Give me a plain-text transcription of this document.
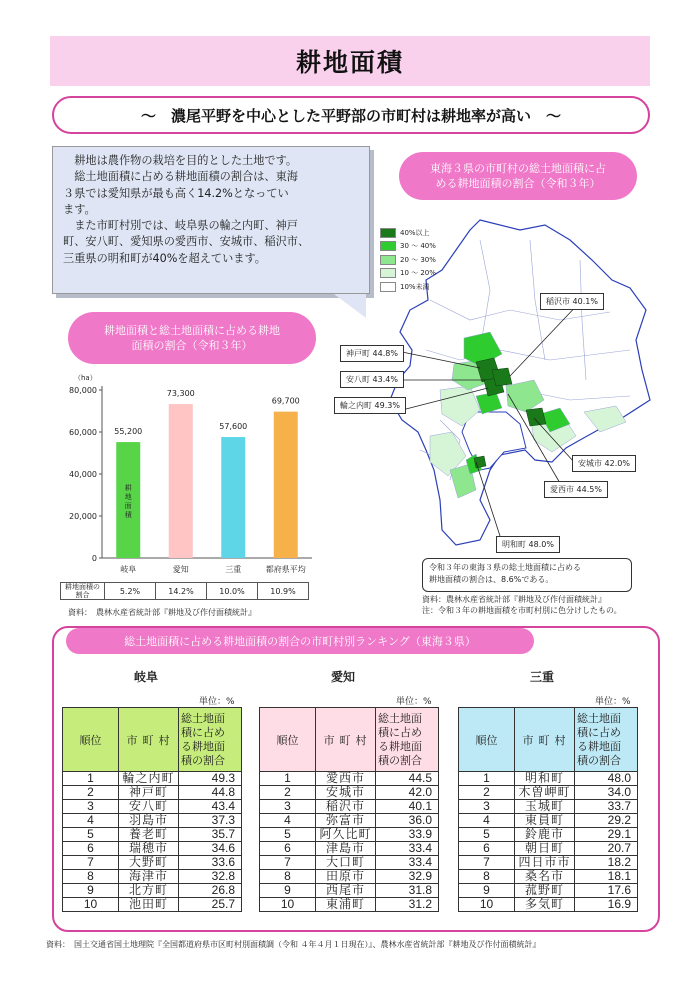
耕地面積
～　濃尾平野を中心とした平野部の市町村は耕地率が高い　～
　耕地は農作物の栽培を目的とした土地です。
　総土地面積に占める耕地面積の割合は、東海
３県では愛知県が最も高く14.2%となってい
ます。
　また市町村別では、岐阜県の輪之内町、神戸
町、安八町、愛知県の愛西市、安城市、稲沢市、
三重県の明和町が40%を超えています。
耕地面積と総土地面積に占める耕地
面積の割合（令和３年）
（ha）
0
20,000
40,000
60,000
80,000
55,200
岐阜
73,300
愛知
57,600
三重
69,700
都府県平均
耕
地
面
積
耕地面積の
割合	5.2%	14.2%	10.0%	10.9%
資料：　農林水産省統計部『耕地及び作付面積統計』
東海３県の市町村の総土地面積に占
める耕地面積の割合（令和３年）
40%以上
30 ～ 40%
20 ～ 30%
10 ～ 20%
10%未満
稲沢市 40.1%
神戸町 44.8%
安八町 43.4%
輪之内町 49.3%
安城市 42.0%
愛西市 44.5%
明和町 48.0%
令和３年の東海３県の総土地面積に占める
耕地面積の割合は、8.6%である。
資料：農林水産省統計部『耕地及び作付面積統計』
注：令和３年の耕地面積を市町村別に色分けしたもの。
総土地面積に占める耕地面積の割合の市町村別ランキング（東海３県）
岐阜
単位：%
順位	市 町 村	総土地面
積に占め
る耕地面
積の割合

1	輪之内町	49.3
2	神戸町	44.8
3	安八町	43.4
4	羽島市	37.3
5	養老町	35.7
6	瑞穂市	34.6
7	大野町	33.6
8	海津市	32.8
9	北方町	26.8
10	池田町	25.7
愛知
単位：%
順位	市 町 村	総土地面
積に占め
る耕地面
積の割合

1	愛西市	44.5
2	安城市	42.0
3	稲沢市	40.1
4	弥富市	36.0
5	阿久比町	33.9
6	津島市	33.4
7	大口町	33.4
8	田原市	32.9
9	西尾市	31.8
10	東浦町	31.2
三重
単位：%
順位	市 町 村	総土地面
積に占め
る耕地面
積の割合

1	明和町	48.0
2	木曽岬町	34.0
3	玉城町	33.7
4	東員町	29.2
5	鈴鹿市	29.1
6	朝日町	20.7
7	四日市市	18.2
8	桑名市	18.1
9	菰野町	17.6
10	多気町	16.9
資料：　国土交通省国土地理院『全国都道府県市区町村別面積調（令和 ４年４月１日現在）』、農林水産省統計部『耕地及び作付面積統計』
